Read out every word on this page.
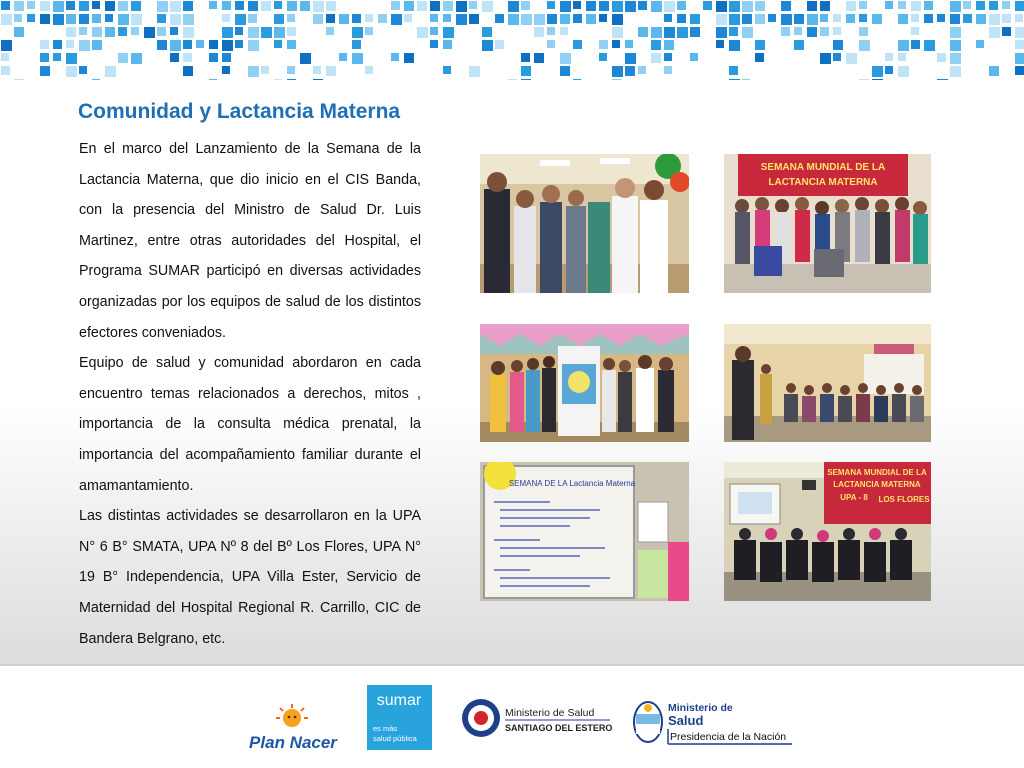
Comunidad y Lactancia Materna

En el marco del Lanzamiento de la Semana de la Lactancia Materna, que dio inicio en el CIS Banda, con la presencia del Ministro de Salud Dr. Luis Martinez, entre otras autoridades del Hospital, el Programa SUMAR participó en diversas actividades organizadas por los equipos de salud de los distintos efectores conveniados.

Equipo de salud y comunidad abordaron en cada encuentro temas relacionados a derechos, mitos , importancia de la consulta médica prenatal, la importancia del acompañamiento familiar durante el amamantamiento.

Las distintas actividades se desarrollaron en la UPA N° 6 B° SMATA, UPA Nº 8 del Bº Los Flores, UPA N° 19 B° Independencia, UPA Villa Ester, Servicio de Maternidad del Hospital Regional R. Carrillo, CIC de Bandera Belgrano, etc.

SEMANA MUNDIAL DE LA
LACTANCIA MATERNA
SEMANA DE LA Lactancia Materna
SEMANA MUNDIAL DE LA
LACTANCIA MATERNA
UPA - 8 LOS FLORES
Plan Nacer
sumar
es más
salud pública
Ministerio de Salud
SANTIAGO DEL ESTERO
Ministerio de
Salud
Presidencia de la Nación
